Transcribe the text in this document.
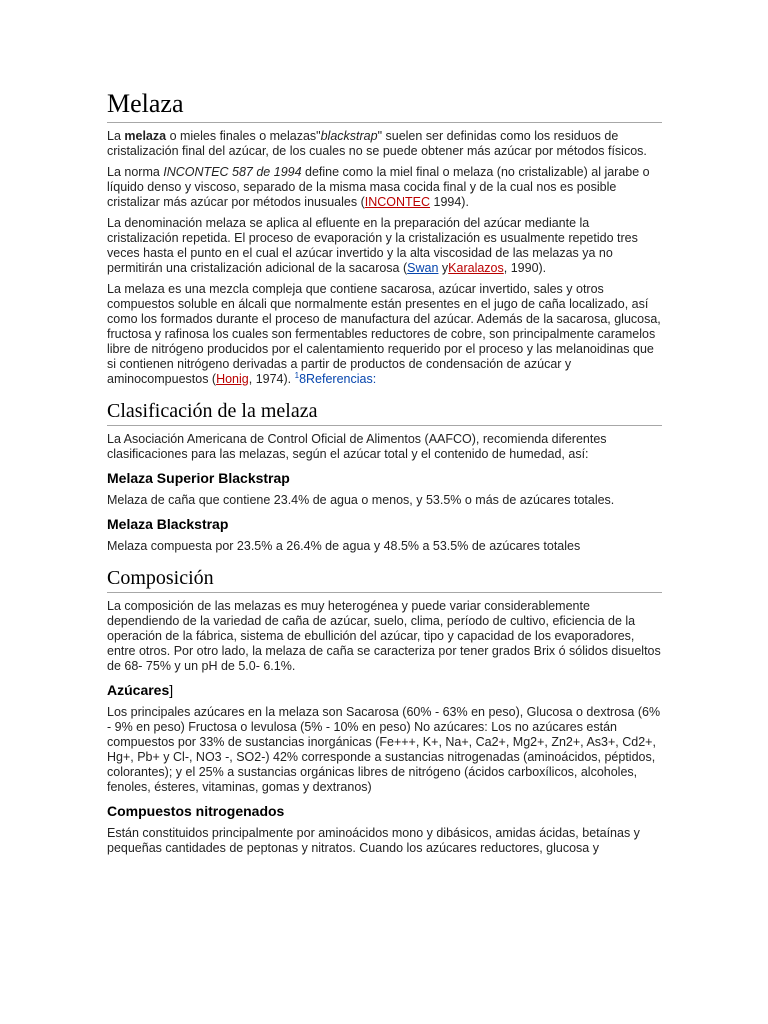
Melaza

La melaza o mieles finales o melazas"blackstrap" suelen ser definidas como los residuos de cristalización final del azúcar, de los cuales no se puede obtener más azúcar por métodos físicos.

La norma INCONTEC 587 de 1994 define como la miel final o melaza (no cristalizable) al jarabe o líquido denso y viscoso, separado de la misma masa cocida final y de la cual nos es posible cristalizar más azúcar por métodos inusuales (INCONTEC 1994).

La denominación melaza se aplica al efluente en la preparación del azúcar mediante la cristalización repetida. El proceso de evaporación y la cristalización es usualmente repetido tres veces hasta el punto en el cual el azúcar invertido y la alta viscosidad de las melazas ya no permitirán una cristalización adicional de la sacarosa (Swan yKaralazos, 1990).

La melaza es una mezcla compleja que contiene sacarosa, azúcar invertido, sales y otros compuestos soluble en álcali que normalmente están presentes en el jugo de caña localizado, así como los formados durante el proceso de manufactura del azúcar. Además de la sacarosa, glucosa, fructosa y rafinosa los cuales son fermentables reductores de cobre, son principalmente caramelos libre de nitrógeno producidos por el calentamiento requerido por el proceso y las melanoidinas que si contienen nitrógeno derivadas a partir de productos de condensación de azúcar y aminocompuestos (Honig, 1974). $^1$8Referencias:

Clasificación de la melaza

La Asociación Americana de Control Oficial de Alimentos (AAFCO), recomienda diferentes clasificaciones para las melazas, según el azúcar total y el contenido de humedad, así:

Melaza Superior Blackstrap

Melaza de caña que contiene 23.4% de agua o menos, y 53.5% o más de azúcares totales.

Melaza Blackstrap

Melaza compuesta por 23.5% a 26.4% de agua y 48.5% a 53.5% de azúcares totales

Composición

La composición de las melazas es muy heterogénea y puede variar considerablemente dependiendo de la variedad de caña de azúcar, suelo, clima, período de cultivo, eficiencia de la operación de la fábrica, sistema de ebullición del azúcar, tipo y capacidad de los evaporadores, entre otros. Por otro lado, la melaza de caña se caracteriza por tener grados Brix ó sólidos disueltos de 68- 75% y un pH de 5.0- 6.1%.

Azúcares]

Los principales azúcares en la melaza son Sacarosa (60% - 63% en peso), Glucosa o dextrosa (6% - 9% en peso) Fructosa o levulosa (5% - 10% en peso) No azúcares: Los no azúcares están compuestos por 33% de sustancias inorgánicas (Fe+++, K+, Na+, Ca2+, Mg2+, Zn2+, As3+, Cd2+, Hg+, Pb+ y Cl-, NO3 -, SO2-) 42% corresponde a sustancias nitrogenadas (aminoácidos, péptidos, colorantes); y el 25% a sustancias orgánicas libres de nitrógeno (ácidos carboxílicos, alcoholes, fenoles, ésteres, vitaminas, gomas y dextranos)

Compuestos nitrogenados

Están constituidos principalmente por aminoácidos mono y dibásicos, amidas ácidas, betaínas y pequeñas cantidades de peptonas y nitratos. Cuando los azúcares reductores, glucosa y
